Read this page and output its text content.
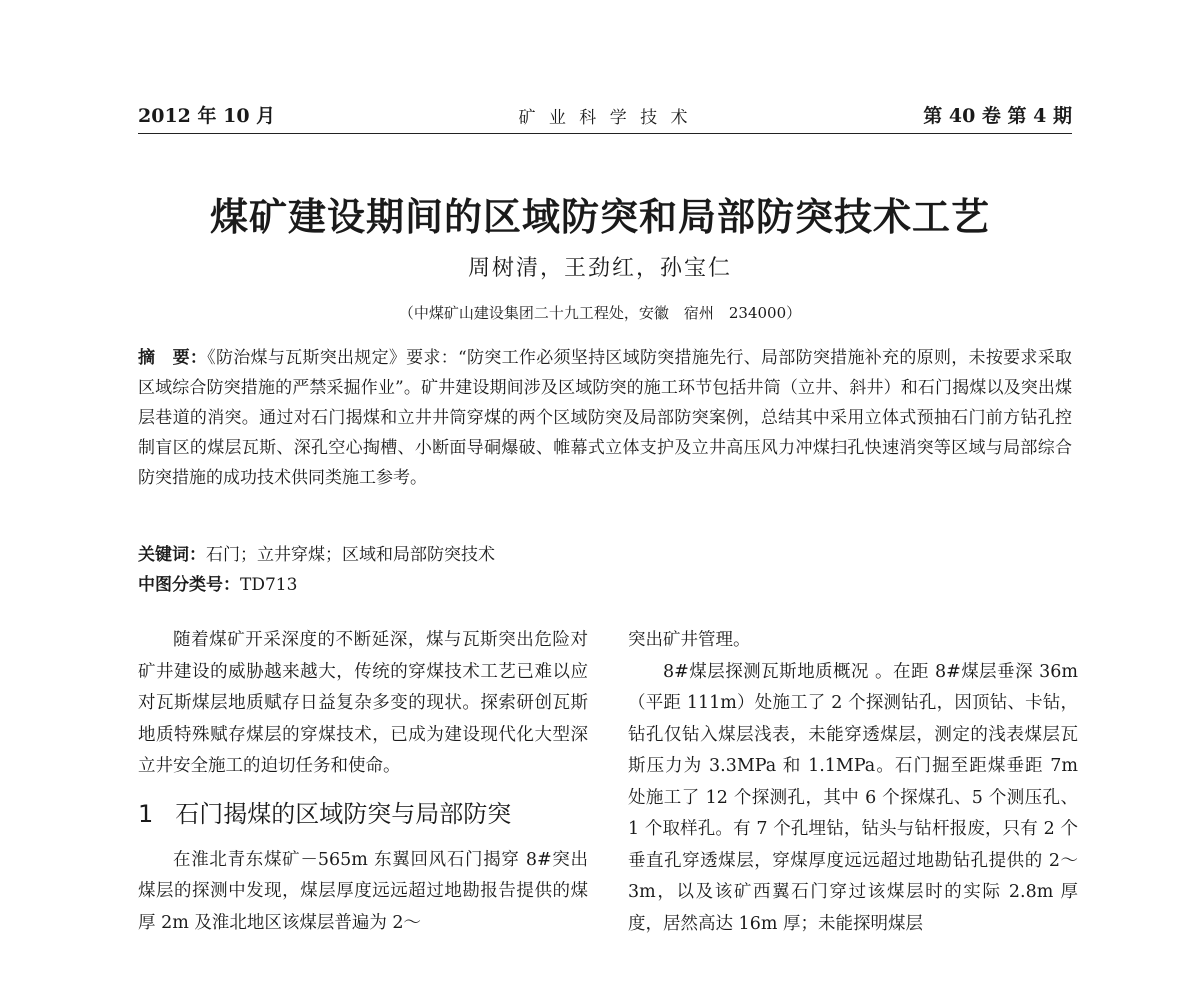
2012 年 10 月	矿 业 科 学 技 术	第 40 卷 第 4 期
煤矿建设期间的区域防突和局部防突技术工艺
周树清，王劲红，孙宝仁
（中煤矿山建设集团二十九工程处，安徽　宿州　234000）
摘　要：《防治煤与瓦斯突出规定》要求：“防突工作必须坚持区域防突措施先行、局部防突措施补充的原则，未按要求采取区域综合防突措施的严禁采掘作业”。矿井建设期间涉及区域防突的施工环节包括井筒（立井、斜井）和石门揭煤以及突出煤层巷道的消突。通过对石门揭煤和立井井筒穿煤的两个区域防突及局部防突案例，总结其中采用立体式预抽石门前方钻孔控制盲区的煤层瓦斯、深孔空心掏槽、小断面导硐爆破、帷幕式立体支护及立井高压风力冲煤扫孔快速消突等区域与局部综合防突措施的成功技术供同类施工参考。
关键词：石门；立井穿煤；区域和局部防突技术
中图分类号：TD713

随着煤矿开采深度的不断延深，煤与瓦斯突出危险对矿井建设的威胁越来越大，传统的穿煤技术工艺已难以应对瓦斯煤层地质赋存日益复杂多变的现状。探索研创瓦斯地质特殊赋存煤层的穿煤技术，已成为建设现代化大型深立井安全施工的迫切任务和使命。

1 石门揭煤的区域防突与局部防突

在淮北青东煤矿－565m 东翼回风石门揭穿 8#突出煤层的探测中发现，煤层厚度远远超过地勘报告提供的煤厚 2m 及淮北地区该煤层普遍为 2～

突出矿井管理。

8#煤层探测瓦斯地质概况 。在距 8#煤层垂深 36m（平距 111m）处施工了 2 个探测钻孔，因顶钻、卡钻，钻孔仅钻入煤层浅表，未能穿透煤层，测定的浅表煤层瓦斯压力为 3.3MPa 和 1.1MPa。石门掘至距煤垂距 7m 处施工了 12 个探测孔，其中 6 个探煤孔、5 个测压孔、1 个取样孔。有 7 个孔埋钻，钻头与钻杆报废，只有 2 个垂直孔穿透煤层，穿煤厚度远远超过地勘钻孔提供的 2～3m，以及该矿西翼石门穿过该煤层时的实际 2.8m 厚度，居然高达 16m 厚；未能探明煤层
